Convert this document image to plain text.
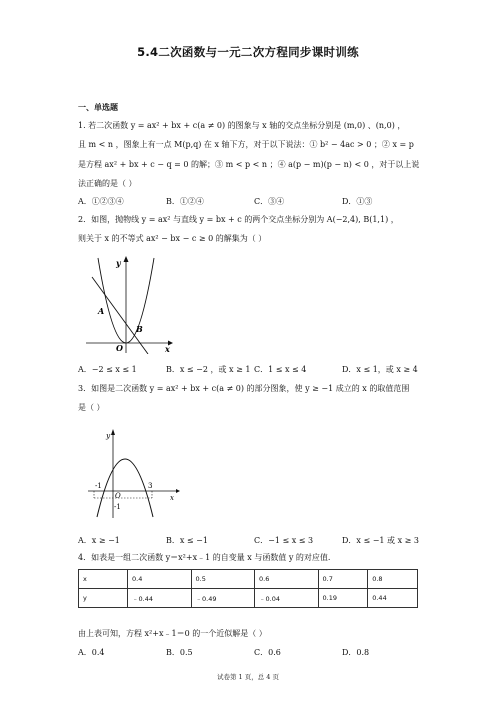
5.4二次函数与一元二次方程同步课时训练
一、单选题
1. 若二次函数 y = ax² + bx + c(a ≠ 0) 的图象与 x 轴的交点坐标分别是 (m,0) 、(n,0) ，
且 m < n ，图象上有一点 M(p,q) 在 x 轴下方，对于以下说法：① b² − 4ac > 0 ；② x = p
是方程 ax² + bx + c − q = 0 的解；③ m < p < n ；④ a(p − m)(p − n) < 0 ，对于以上说
法正确的是（ ）
A．①②③④	B．①②④	C．③④	D．①③
2．如图，抛物线 y = ax² 与直线 y = bx + c 的两个交点坐标分别为 A(−2,4), B(1,1) ，
则关于 x 的不等式 ax² − bx − c ≥ 0 的解集为（ ）
y
x
A
B
O
A．−2 ≤ x ≤ 1	B．x ≤ −2 ，或 x ≥ 1 C．1 ≤ x ≤ 4	D．x ≤ 1，或 x ≥ 4
3．如图是二次函数 y = ax² + bx + c(a ≠ 0) 的部分图象，使 y ≥ −1 成立的 x 的取值范围
是（ ）
y
x
-1	3
O
-1
A．x ≥ −1	B．x ≤ −1	C．−1 ≤ x ≤ 3	D．x ≤ −1 或 x ≥ 3
4．如表是一组二次函数 y＝x²+x﹣1 的自变量 x 与函数值 y 的对应值.
x	0.4	0.5	0.6	0.7	0.8
y	﹣0.44	﹣0.49	﹣0.04	0.19	0.44
由上表可知，方程 x²+x﹣1＝0 的一个近似解是（ ）
A．0.4	B．0.5	C．0.6	D．0.8
试卷第 1 页，总 4 页
